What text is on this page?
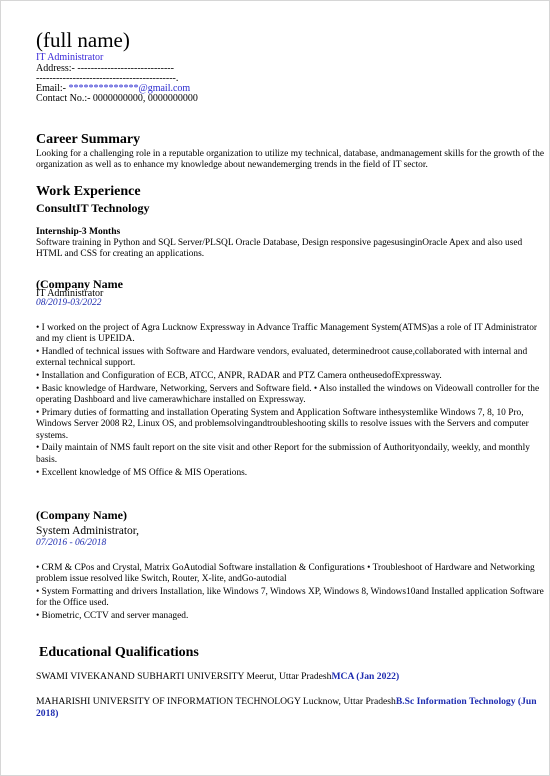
(full name)
IT Administrator
Address:- -----------------------------
------------------------------------------.
Email:- **************@gmail.com
Contact No.:- 0000000000, 0000000000
Career Summary
Looking for a challenging role in a reputable organization to utilize my technical, database, andmanagement skills for the growth of the organization as well as to enhance my knowledge about newandemerging trends in the field of IT sector.
Work Experience
ConsultIT Technology
Internship-3 Months
Software training in Python and SQL Server/PLSQL Oracle Database, Design responsive pagesusinginOracle Apex and also used HTML and CSS for creating an applications.
(Company Name
IT Administrator
08/2019-03/2022
• I worked on the project of Agra Lucknow Expressway in Advance Traffic Management System(ATMS)as a role of IT Administrator and my client is UPEIDA.
• Handled of technical issues with Software and Hardware vendors, evaluated, determinedroot cause,collaborated with internal and external technical support.
• Installation and Configuration of ECB, ATCC, ANPR, RADAR and PTZ Camera ontheusedofExpressway.
• Basic knowledge of Hardware, Networking, Servers and Software field. • Also installed the windows on Videowall controller for the operating Dashboard and live camerawhichare installed on Expressway.
• Primary duties of formatting and installation Operating System and Application Software inthesystemlike Windows 7, 8, 10 Pro, Windows Server 2008 R2, Linux OS, and problemsolvingandtroubleshooting skills to resolve issues with the Servers and computer systems.
• Daily maintain of NMS fault report on the site visit and other Report for the submission of Authorityondaily, weekly, and monthly basis.
• Excellent knowledge of MS Office & MIS Operations.
(Company Name)
System Administrator,
07/2016 - 06/2018
• CRM & CPos and Crystal, Matrix GoAutodial Software installation & Configurations • Troubleshoot of Hardware and Networking problem issue resolved like Switch, Router, X-lite, andGo-autodial
• System Formatting and drivers Installation, like Windows 7, Windows XP, Windows 8, Windows10and Installed application Software for the Office used.
• Biometric, CCTV and server managed.
Educational Qualifications
SWAMI VIVEKANAND SUBHARTI UNIVERSITY Meerut, Uttar PradeshMCA (Jan 2022)
MAHARISHI UNIVERSITY OF INFORMATION TECHNOLOGY Lucknow, Uttar PradeshB.Sc Information Technology (Jun 2018)
